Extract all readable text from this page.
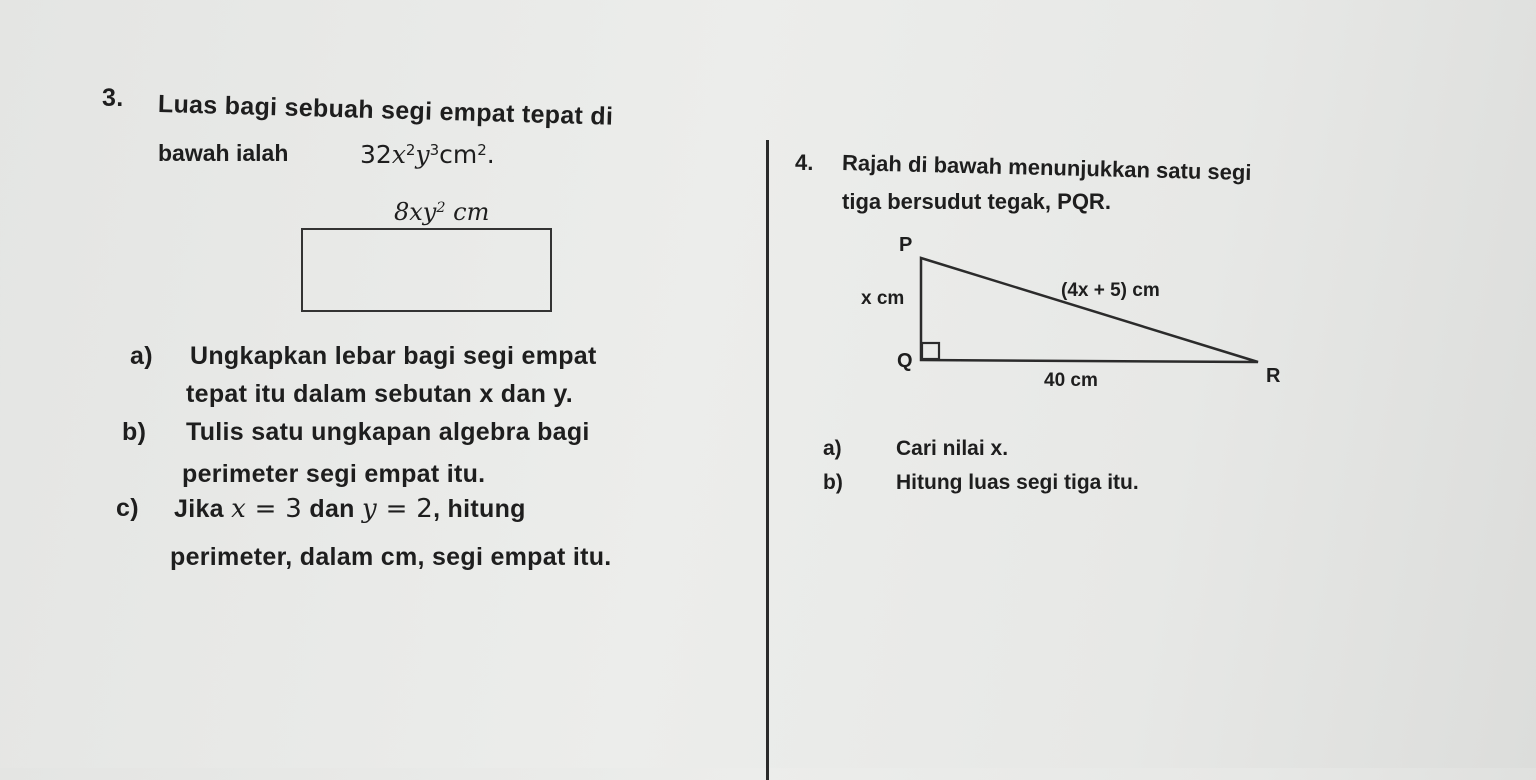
3. Luas bagi sebuah segi empat tepat di
bawah ialah	$32x^2y^3cm^2$.
$8xy^2$ cm
a) Ungkapkan lebar bagi segi empat
tepat itu dalam sebutan x dan y.
b) Tulis satu ungkapan algebra bagi
perimeter segi empat itu.
c) Jika x = 3 dan y = 2, hitung
perimeter, dalam cm, segi empat itu.
4. Rajah di bawah menunjukkan satu segi
tiga bersudut tegak, PQR.
P
Q
R
x cm	(4x + 5) cm
40 cm
a)	Cari nilai x.
b)	Hitung luas segi tiga itu.
